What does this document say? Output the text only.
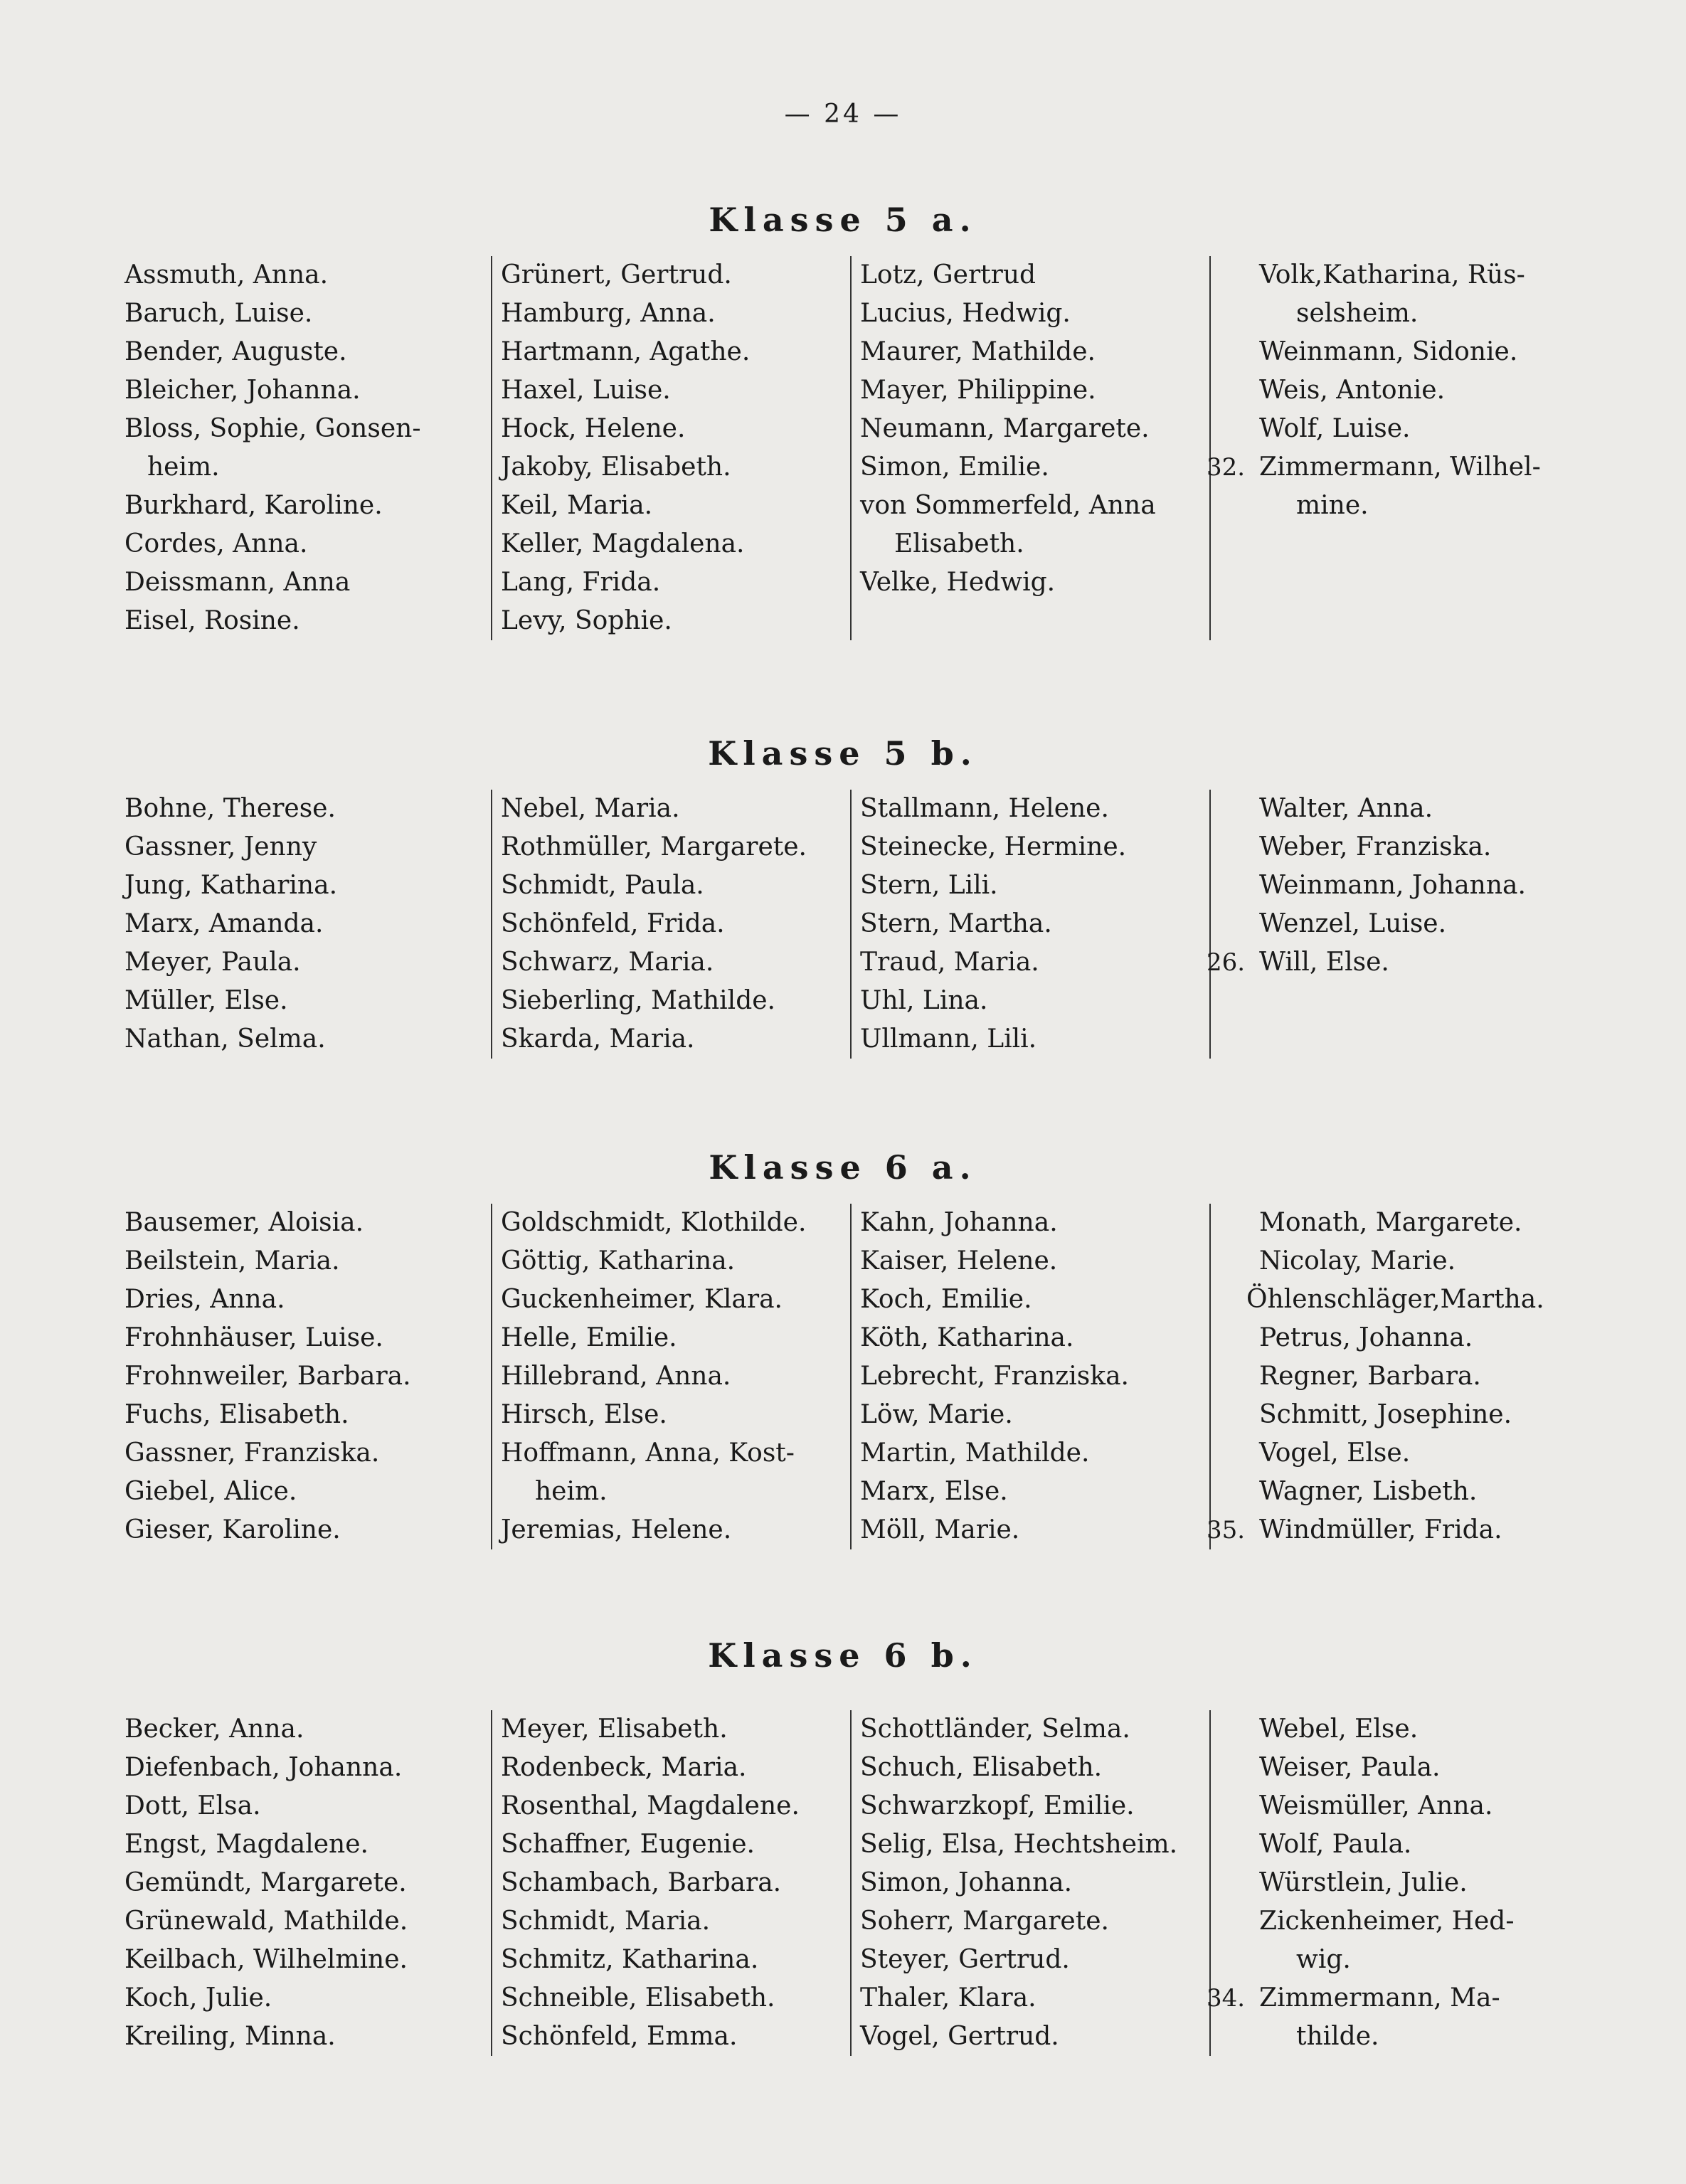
— 24 —
Klasse 5 a.
Assmuth, Anna.
Baruch, Luise.
Bender, Auguste.
Bleicher, Johanna.
Bloss, Sophie, Gonsen-
heim.
Burkhard, Karoline.
Cordes, Anna.
Deissmann, Anna
Eisel, Rosine.
Grünert, Gertrud.
Hamburg, Anna.
Hartmann, Agathe.
Haxel, Luise.
Hock, Helene.
Jakoby, Elisabeth.
Keil, Maria.
Keller, Magdalena.
Lang, Frida.
Levy, Sophie.
Lotz, Gertrud
Lucius, Hedwig.
Maurer, Mathilde.
Mayer, Philippine.
Neumann, Margarete.
Simon, Emilie.
von Sommerfeld, Anna
Elisabeth.
Velke, Hedwig.
Volk,Katharina, Rüs-
selsheim.
Weinmann, Sidonie.
Weis, Antonie.
Wolf, Luise.
32. Zimmermann, Wilhel-
mine.
Klasse 5 b.
Bohne, Therese.
Gassner, Jenny
Jung, Katharina.
Marx, Amanda.
Meyer, Paula.
Müller, Else.
Nathan, Selma.
Nebel, Maria.
Rothmüller, Margarete.
Schmidt, Paula.
Schönfeld, Frida.
Schwarz, Maria.
Sieberling, Mathilde.
Skarda, Maria.
Stallmann, Helene.
Steinecke, Hermine.
Stern, Lili.
Stern, Martha.
Traud, Maria.
Uhl, Lina.
Ullmann, Lili.
Walter, Anna.
Weber, Franziska.
Weinmann, Johanna.
Wenzel, Luise.
26. Will, Else.
Klasse 6 a.
Bausemer, Aloisia.
Beilstein, Maria.
Dries, Anna.
Frohnhäuser, Luise.
Frohnweiler, Barbara.
Fuchs, Elisabeth.
Gassner, Franziska.
Giebel, Alice.
Gieser, Karoline.
Goldschmidt, Klothilde.
Göttig, Katharina.
Guckenheimer, Klara.
Helle, Emilie.
Hillebrand, Anna.
Hirsch, Else.
Hoffmann, Anna, Kost-
heim.
Jeremias, Helene.
Kahn, Johanna.
Kaiser, Helene.
Koch, Emilie.
Köth, Katharina.
Lebrecht, Franziska.
Löw, Marie.
Martin, Mathilde.
Marx, Else.
Möll, Marie.
Monath, Margarete.
Nicolay, Marie.
Öhlenschläger,Martha.
Petrus, Johanna.
Regner, Barbara.
Schmitt, Josephine.
Vogel, Else.
Wagner, Lisbeth.
35. Windmüller, Frida.
Klasse 6 b.
Becker, Anna.
Diefenbach, Johanna.
Dott, Elsa.
Engst, Magdalene.
Gemündt, Margarete.
Grünewald, Mathilde.
Keilbach, Wilhelmine.
Koch, Julie.
Kreiling, Minna.
Meyer, Elisabeth.
Rodenbeck, Maria.
Rosenthal, Magdalene.
Schaffner, Eugenie.
Schambach, Barbara.
Schmidt, Maria.
Schmitz, Katharina.
Schneible, Elisabeth.
Schönfeld, Emma.
Schottländer, Selma.
Schuch, Elisabeth.
Schwarzkopf, Emilie.
Selig, Elsa, Hechtsheim.
Simon, Johanna.
Soherr, Margarete.
Steyer, Gertrud.
Thaler, Klara.
Vogel, Gertrud.
Webel, Else.
Weiser, Paula.
Weismüller, Anna.
Wolf, Paula.
Würstlein, Julie.
Zickenheimer, Hed-
wig.
34. Zimmermann, Ma-
thilde.
